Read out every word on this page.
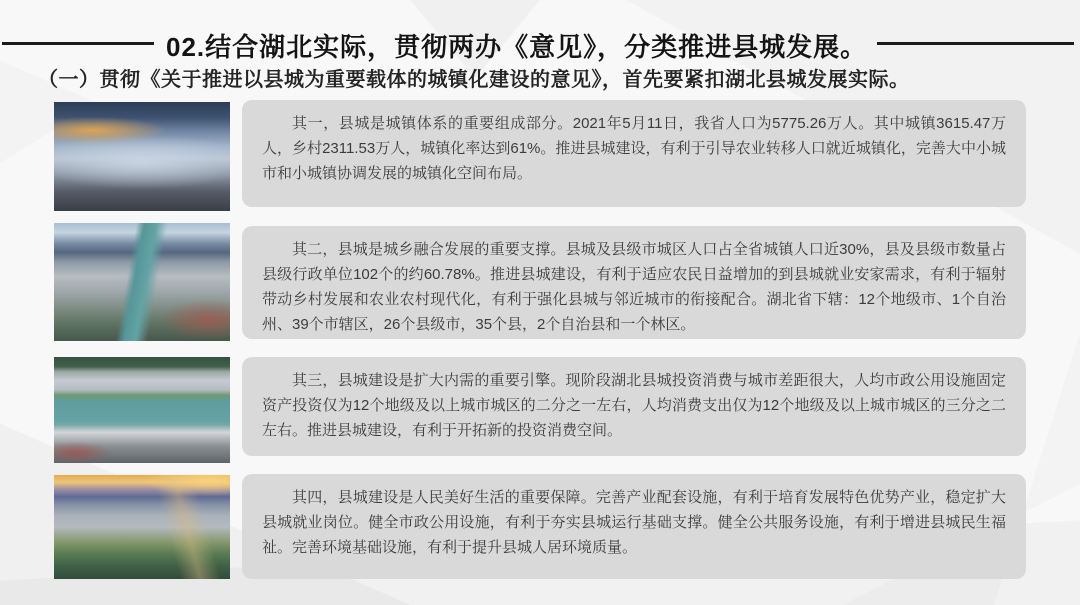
02.结合湖北实际，贯彻两办《意见》，分类推进县城发展。
（一）贯彻《关于推进以县城为重要载体的城镇化建设的意见》，首先要紧扣湖北县城发展实际。

其一，县城是城镇体系的重要组成部分。2021年5月11日，我省人口为5775.26万人。其中城镇3615.47万人，乡村2311.53万人，城镇化率达到61%。推进县城建设，有利于引导农业转移人口就近城镇化，完善大中小城市和小城镇协调发展的城镇化空间布局。

其二，县城是城乡融合发展的重要支撑。县城及县级市城区人口占全省城镇人口近30%，县及县级市数量占县级行政单位102个的约60.78%。推进县城建设，有利于适应农民日益增加的到县城就业安家需求，有利于辐射带动乡村发展和农业农村现代化，有利于强化县城与邻近城市的衔接配合。湖北省下辖：12个地级市、1个自治州、39个市辖区，26个县级市，35个县，2个自治县和一个林区。

其三，县城建设是扩大内需的重要引擎。现阶段湖北县城投资消费与城市差距很大，人均市政公用设施固定资产投资仅为12个地级及以上城市城区的二分之一左右，人均消费支出仅为12个地级及以上城市城区的三分之二左右。推进县城建设，有利于开拓新的投资消费空间。

其四，县城建设是人民美好生活的重要保障。完善产业配套设施，有利于培育发展特色优势产业，稳定扩大县城就业岗位。健全市政公用设施，有利于夯实县城运行基础支撑。健全公共服务设施，有利于增进县城民生福祉。完善环境基础设施，有利于提升县城人居环境质量。
